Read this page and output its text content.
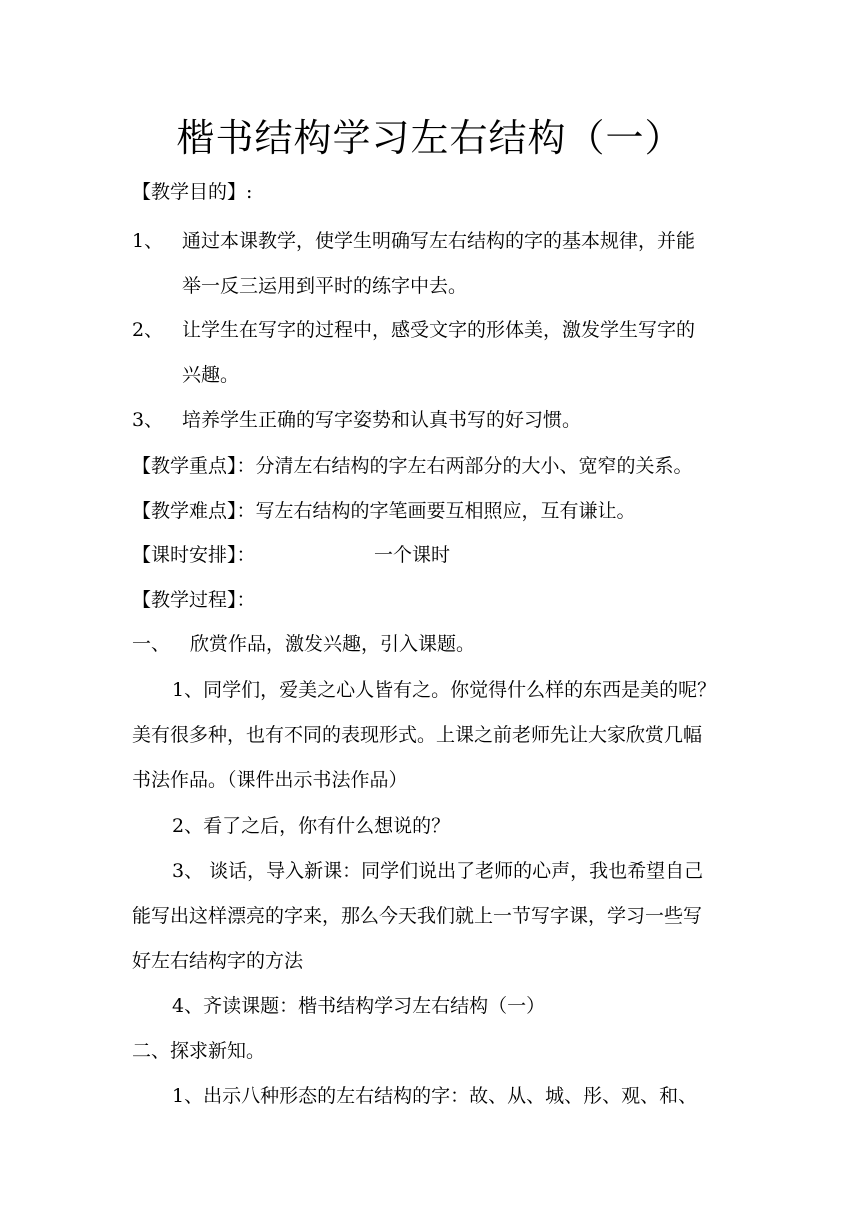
楷书结构学习左右结构（一）
【教学目的】:
1、 通过本课教学，使学生明确写左右结构的字的基本规律，并能
举一反三运用到平时的练字中去。
2、 让学生在写字的过程中，感受文字的形体美，激发学生写字的
兴趣。
3、 培养学生正确的写字姿势和认真书写的好习惯。
【教学重点】：分清左右结构的字左右两部分的大小、宽窄的关系。
【教学难点】：写左右结构的字笔画要互相照应，互有谦让。
【课时安排】：	一个课时
【教学过程】：
一、 欣赏作品，激发兴趣，引入课题。
1、同学们，爱美之心人皆有之。你觉得什么样的东西是美的呢？
美有很多种，也有不同的表现形式。上课之前老师先让大家欣赏几幅
书法作品。（课件出示书法作品）
2、看了之后，你有什么想说的？
3、 谈话，导入新课：同学们说出了老师的心声，我也希望自己
能写出这样漂亮的字来，那么今天我们就上一节写字课，学习一些写
好左右结构字的方法
4、齐读课题：楷书结构学习左右结构（一）
二、探求新知。
1、出示八种形态的左右结构的字：故、从、城、彤、观、和、
